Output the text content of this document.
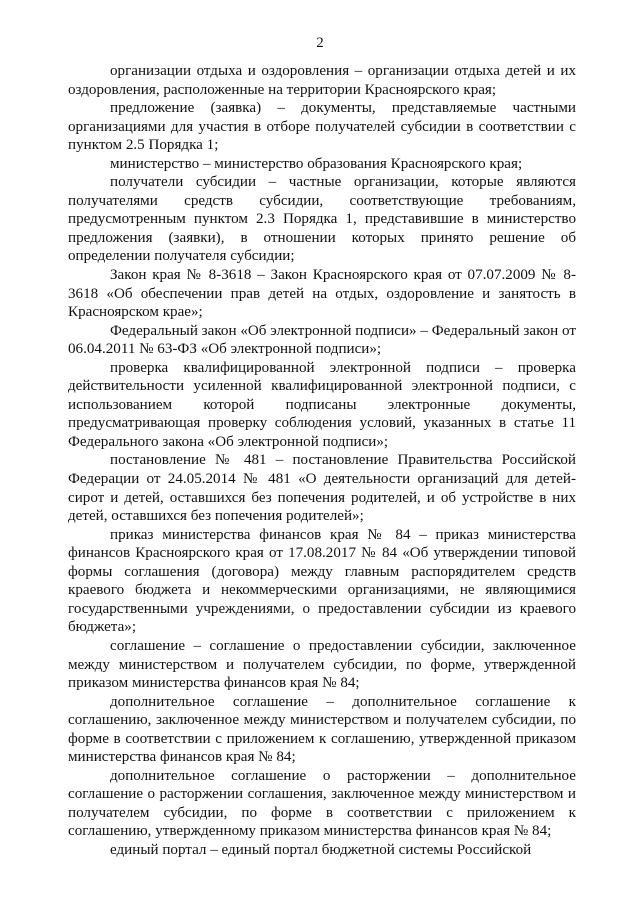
2

организации отдыха и оздоровления – организации отдыха детей и их оздоровления, расположенные на территории Красноярского края;

предложение (заявка) – документы, представляемые частными организациями для участия в отборе получателей субсидии в соответствии с пунктом 2.5 Порядка 1;

министерство – министерство образования Красноярского края;

получатели субсидии – частные организации, которые являются получателями средств субсидии, соответствующие требованиям, предусмотренным пунктом 2.3 Порядка 1, представившие в министерство предложения (заявки), в отношении которых принято решение об определении получателя субсидии;

Закон края № 8-3618 – Закон Красноярского края от 07.07.2009 № 8-3618 «Об обеспечении прав детей на отдых, оздоровление и занятость в Красноярском крае»;

Федеральный закон «Об электронной подписи» – Федеральный закон от 06.04.2011 № 63-ФЗ «Об электронной подписи»;

проверка квалифицированной электронной подписи – проверка действительности усиленной квалифицированной электронной подписи, с использованием которой подписаны электронные документы, предусматривающая проверку соблюдения условий, указанных в статье 11 Федерального закона «Об электронной подписи»;

постановление № 481 – постановление Правительства Российской Федерации от 24.05.2014 № 481 «О деятельности организаций для детей-сирот и детей, оставшихся без попечения родителей, и об устройстве в них детей, оставшихся без попечения родителей»;

приказ министерства финансов края № 84 – приказ министерства финансов Красноярского края от 17.08.2017 № 84 «Об утверждении типовой формы соглашения (договора) между главным распорядителем средств краевого бюджета и некоммерческими организациями, не являющимися государственными учреждениями, о предоставлении субсидии из краевого бюджета»;

соглашение – соглашение о предоставлении субсидии, заключенное между министерством и получателем субсидии, по форме, утвержденной приказом министерства финансов края № 84;

дополнительное соглашение – дополнительное соглашение к соглашению, заключенное между министерством и получателем субсидии, по форме в соответствии с приложением к соглашению, утвержденной приказом министерства финансов края № 84;

дополнительное соглашение о расторжении – дополнительное соглашение о расторжении соглашения, заключенное между министерством и получателем субсидии, по форме в соответствии с приложением к соглашению, утвержденному приказом министерства финансов края № 84;

единый портал – единый портал бюджетной системы Российской
